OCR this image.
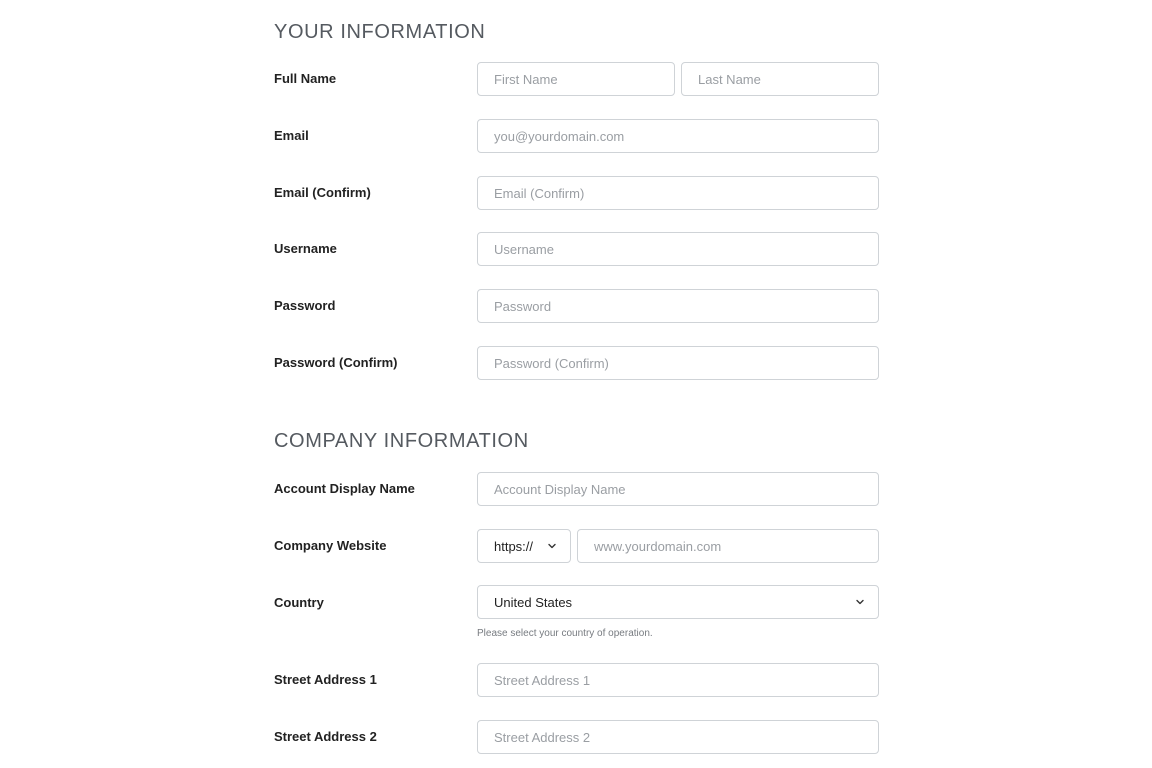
YOUR INFORMATION
Full Name
First Name
Last Name
Email
you@yourdomain.com
Email (Confirm)
Email (Confirm)
Username
Username
Password
Password (Confirm)
COMPANY INFORMATION
Account Display Name
Account Display Name
Company Website	https://
www.yourdomain.com
Country	United States
Please select your country of operation.
Street Address 1
Street Address 1
Street Address 2
Street Address 2
